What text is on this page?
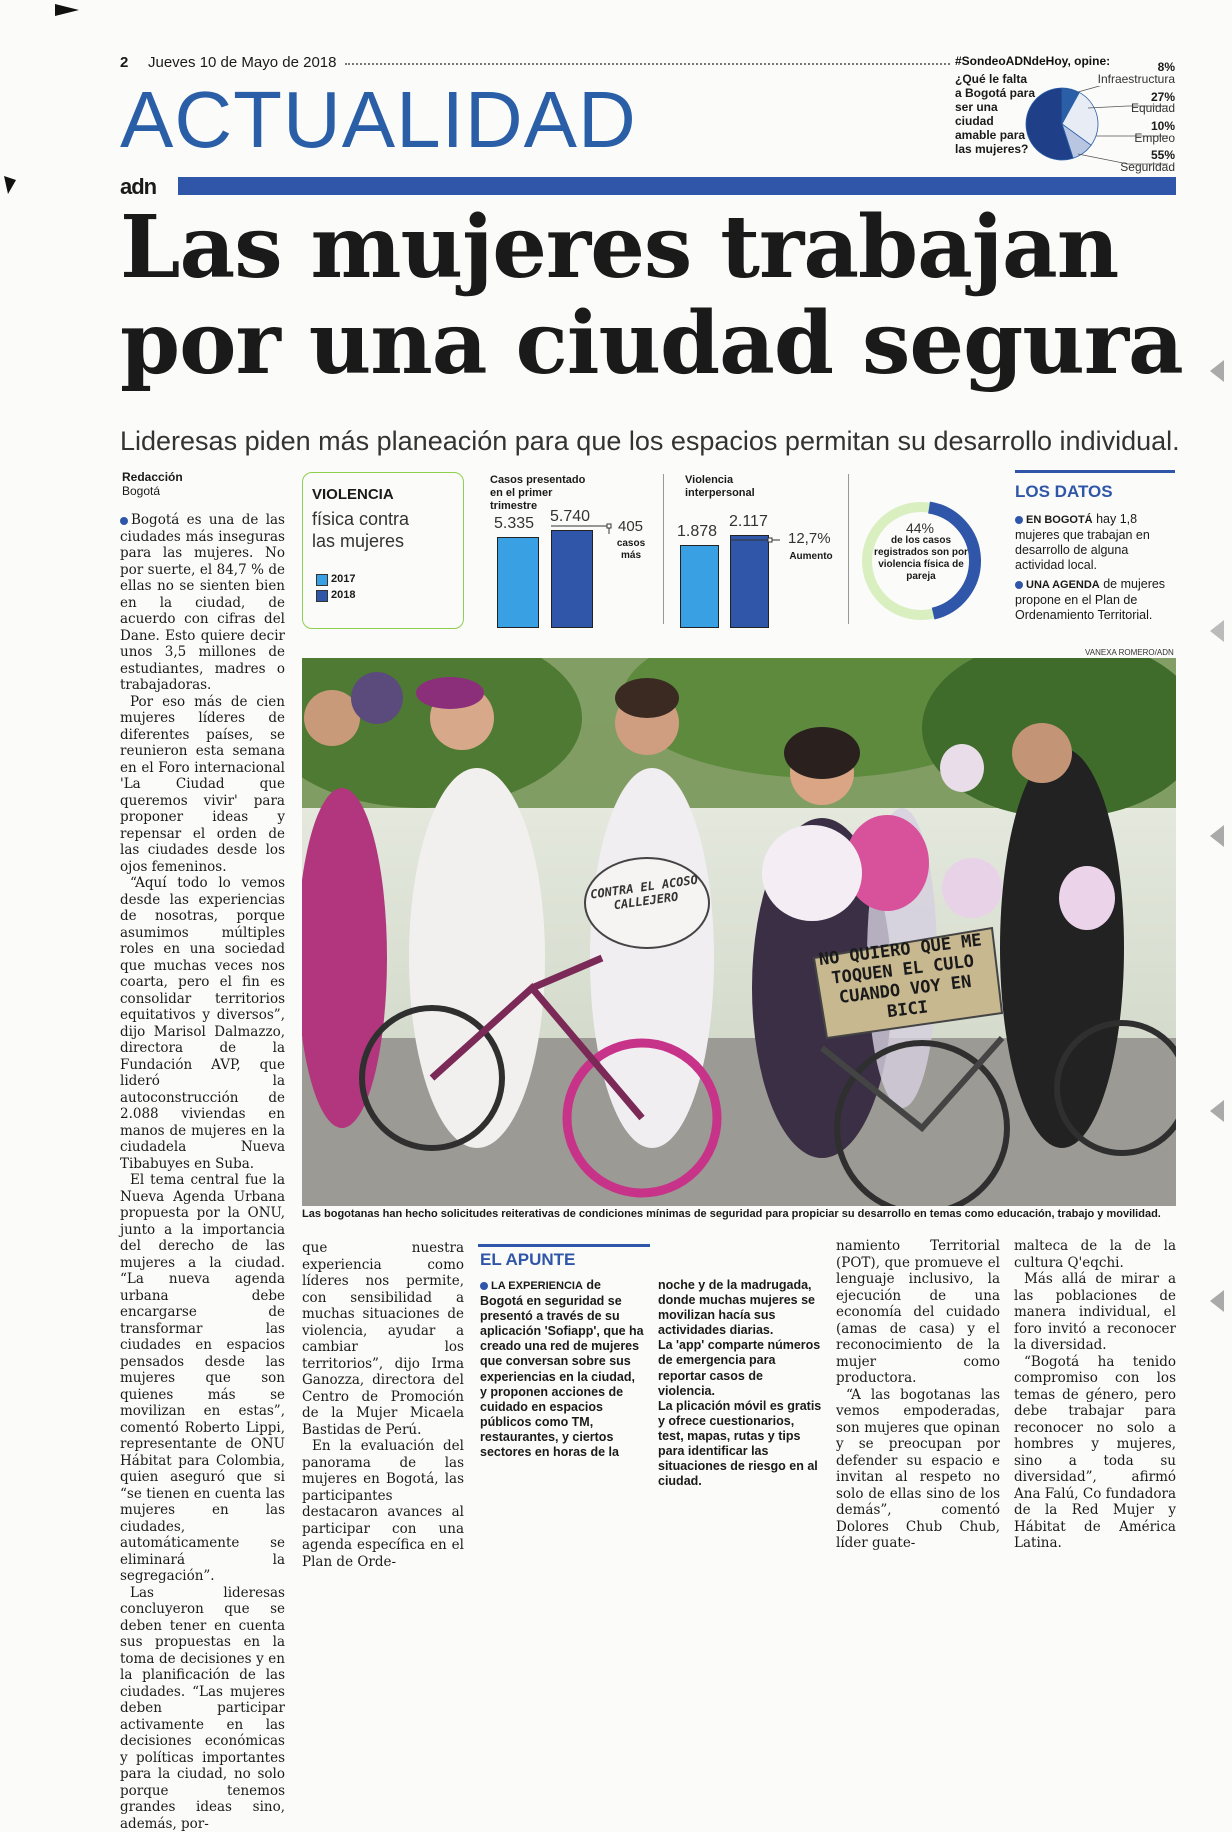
2 Jueves 10 de Mayo de 2018
ACTUALIDAD
adn
#SondeoADNdeHoy, opine:
¿Qué le falta a Bogotá para ser una ciudad amable para las mujeres?
8%
Infraestructura
27%
Equidad
10%
Empleo
55%
Seguridad
Las mujeres trabajan
por una ciudad segura
Lideresas piden más planeación para que los espacios permitan su desarrollo individual.
Redacción
Bogotá

Bogotá es una de las ciudades más inseguras para las mujeres. No por suerte, el 84,7 % de ellas no se sienten bien en la ciudad, de acuerdo con cifras del Dane. Esto quiere decir unos 3,5 millones de estudiantes, madres o trabajadoras.

Por eso más de cien mujeres líderes de diferentes países, se reunieron esta semana en el Foro internacional 'La Ciudad que queremos vivir' para proponer ideas y repensar el orden de las ciudades desde los ojos femeninos.

“Aquí todo lo vemos desde las experiencias de nosotras, porque asumimos múltiples roles en una sociedad que muchas veces nos coarta, pero el fin es consolidar territorios equitativos y diversos”, dijo Marisol Dalmazzo, directora de la Fundación AVP, que lideró la autoconstrucción de 2.088 viviendas en manos de mujeres en la ciudadela Nueva Tibabuyes en Suba.

El tema central fue la Nueva Agenda Urbana propuesta por la ONU, junto a la importancia del derecho de las mujeres a la ciudad. “La nueva agenda urbana debe encargarse de transformar las ciudades en espacios pensados desde las mujeres que son quienes más se movilizan en estas”, comentó Roberto Lippi, representante de ONU Hábitat para Colombia, quien aseguró que si “se tienen en cuenta las mujeres en las ciudades, automáticamente se eliminará la segregación”.

Las lideresas concluyeron que se deben tener en cuenta sus propuestas en la toma de decisiones y en la planificación de las ciudades. “Las mujeres deben participar activamente en las decisiones económicas y políticas importantes para la ciudad, no solo porque tenemos grandes ideas sino, además, por-

VIOLENCIA
física contra
las mujeres
2017
2018
Casos presentado en el primer trimestre
5.335 5.740
405
casos más
Violencia interpersonal
1.878
2.117
12,7%
Aumento
44%
de los casos registrados son por violencia física de pareja
LOS DATOS
EN BOGOTÁ hay 1,8 mujeres que trabajan en desarrollo de alguna actividad local.
UNA AGENDA de mujeres propone en el Plan de Ordenamiento Territorial.
VANEXA ROMERO/ADN
CONTRA EL ACOSO CALLEJERO
NO QUIERO QUE ME TOQUEN EL CULO CUANDO VOY EN BICI
Las bogotanas han hecho solicitudes reiterativas de condiciones mínimas de seguridad para propiciar su desarrollo en temas como educación, trabajo y movilidad.

que nuestra experiencia como líderes nos permite, con sensibilidad a muchas situaciones de violencia, ayudar a cambiar los territorios”, dijo Irma Ganozza, directora del Centro de Promoción de la Mujer Micaela Bastidas de Perú.

En la evaluación del panorama de las mujeres en Bogotá, las participantes destacaron avances al participar con una agenda específica en el Plan de Orde-

EL APUNTE

LA EXPERIENCIA de Bogotá en seguridad se presentó a través de su aplicación 'Sofiapp', que ha creado una red de mujeres que conversan sobre sus experiencias en la ciudad, y proponen acciones de cuidado en espacios públicos como TM, restaurantes, y ciertos sectores en horas de la

noche y de la madrugada, donde muchas mujeres se movilizan hacía sus actividades diarias.

La 'app' comparte números de emergencia para reportar casos de violencia.

La plicación móvil es gratis y ofrece cuestionarios, test, mapas, rutas y tips para identificar las situaciones de riesgo en al ciudad.

namiento Territorial (POT), que promueve el lenguaje inclusivo, la ejecución de una economía del cuidado (amas de casa) y el reconocimiento de la mujer como productora.

“A las bogotanas las vemos empoderadas, son mujeres que opinan y se preocupan por defender su espacio e invitan al respeto no solo de ellas sino de los demás”, comentó Dolores Chub Chub, líder guate-

malteca de la de la cultura Q'eqchi.

Más allá de mirar a las poblaciones de manera individual, el foro invitó a reconocer la diversidad.

“Bogotá ha tenido compromiso con los temas de género, pero debe trabajar para reconocer no solo a hombres y mujeres, sino a toda su diversidad”, afirmó Ana Falú, Co fundadora de la Red Mujer y Hábitat de América Latina.
